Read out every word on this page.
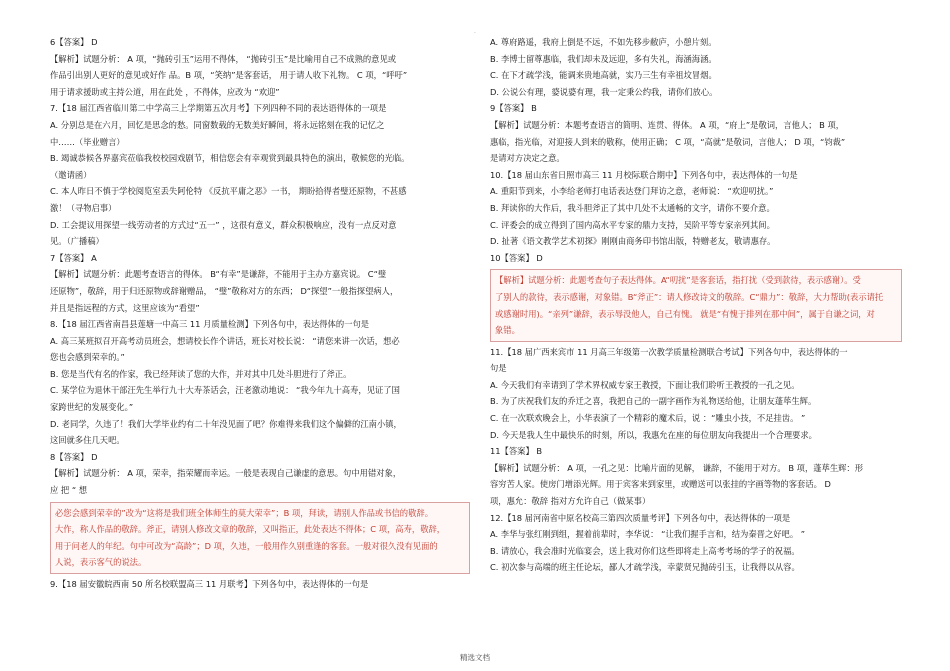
·
6【答案】 D
【解析】试题分析： A 项，“抛砖引玉”运用不得体， “抛砖引玉”是比喻用自己不成熟的意见或
作品引出别人更好的意见或好作 品。B 项，“笑纳”是客套话， 用于请人收下礼物。 C 项，“呼吁”
用于请求援助或主持公道，用在此处 ，不得体，应改为 “欢迎”
7.【18 届江西省临川第二中学高三上学期第五次月考】下列四种不同的表达语得体的一项是
A. 分别总是在六月，回忆是思念的愁。同窗数载的无数美好瞬间，将永远铭刻在我的记忆之
中……（毕业赠言）
B. 竭诚恭候各界嘉宾莅临我校校园戏剧节，相信您会有幸观赏到最具特色的演出，敬候您的光临。
（邀请函）
C. 本人昨日不慎于学校阅览室丢失阿伦特 《反抗平庸之恶》一书， 期盼拾得者璧还原物，不甚感
激！（寻物启事）
D. 工会提议用探望一线劳动者的方式过“五一” ，这很有意义，群众积极响应，没有一点反对意
见。（广播稿）
7【答案】 A
【解析】试题分析：此题考查语言的得体。 B“有幸”是谦辞，不能用于主办方嘉宾说。 C“璧
还原物”，敬辞，用于归还原物或辞谢赠品， “璧”敬称对方的东西； D“探望”一般指探望病人，
并且是指远程的方式，这里应该为“看望”
8.【18 届江西省南昌县莲塘一中高三 11 月质量检测】下列各句中，表达得体的一句是
A. 高三某班拟召开高考动员班会，想请校长作个讲话，班长对校长说： “请您来讲一次话，想必
您也会感到荣幸的。”
B. 您是当代有名的作家，我已经拜读了您的大作，并对其中几处斗胆进行了斧正。
C. 某学位为退休干部汪先生举行九十大寿茶话会，汪老激动地说： “我今年九十高寿，见证了国
家跨世纪的发展变化。”
D. 老同学，久违了！我们大学毕业约有二十年没见面了吧？你难得来我们这个偏僻的江南小镇，
这回就多住几天吧。
8【答案】 D
【解析】试题分析： A 项，荣幸，指荣耀而幸运。一般是表现自己谦虚的意思。句中用错对象，
应 把 “ 想
必您会感到荣幸的”改为“这将是我们班全体师生的莫大荣幸”；B 项，拜读，请别人作品或书信的敬辞。
大作，称人作品的敬辞。斧正，请别人修改文章的敬辞，又叫指正，此处表达不得体；C 项，高寿，敬辞，
用于问老人的年纪。句中可改为“高龄”；D 项，久违，一般用作久别重逢的客套。一般对很久没有见面的
人说，表示客气的说法。
9.【18 届安徽皖西南 50 所名校联盟高三 11 月联考】下列各句中，表达得体的一句是
A. 尊府路遥，我府上倒是不远，不如先移步敝庐，小憩片刻。
B. 李博士留尊惠临，我们却未及远迎，多有失礼，海涵海涵。
C. 在下才疏学浅，能调来贵地高就，实乃三生有幸祖坟冒烟。
D. 公说公有理，婆说婆有理，我一定秉公约我，请你们放心。
9【答案】 B
【解析】试题分析：本题考查语言的简明、连贯、得体。 A 项，“府上”是敬词，言他人； B 项，
惠临，指光临，对迎接人到来的敬称，使用正确； C 项，“高就”是敬词，言他人； D 项，“钧裁”
是请对方决定之意。
10.【18 届山东省日照市高三 11 月校际联合期中】下列各句中，表达得体的一句是
A. 重阳节到来，小李给老师打电话表达登门拜访之意，老师说： “欢迎叨扰。”
B. 拜读你的大作后，我斗胆斧正了其中几处不太通畅的文字，请你不要介意。
C. 评委会的成立得到了国内高水平专家的鼎力支持，吴阶平等专家亲列其间。
D. 扯著《语文教学艺术初探》刚刚由商务印书馆出版，特赠老友，敬请惠存。
10【答案】 D
【解析】试题分析：此题考查句子表达得体。A“叨扰”是客套话，指打扰（受到款待，表示感谢）。受
了别人的款待，表示感谢，对象错。B“斧正”：请人修改诗文的敬辞。C“鼎力”：敬辞，大力帮助(表示请托
或感谢时用)。“亲列”谦辞，表示辱没他人，自己有愧。 就是“有愧于排列在那中间”，属于自谦之词，对
象错。
11.【18 届广西来宾市 11 月高三年级第一次教学质量检测联合考试】下列各句中，表达得体的一
句是
A. 今天我们有幸请到了学术界权威专家王教授，下面让我们聆听王教授的一孔之见。
B. 为了庆祝我们友的乔迁之喜，我把自己的一副字画作为礼物送给他，让朋友蓬荜生辉。
C. 在一次联欢晚会上，小华表演了一个精彩的魔术后，说 ：“雕虫小技，不足挂齿。 ”
D. 今天是我人生中最快乐的时刻，所以，我惠允在座的每位朋友向我提出一个合理要求。
11【答案】 B
【解析】试题分析： A 项，一孔之见：比喻片面的见解， 谦辞，不能用于对方。 B 项，蓬荜生辉：形
容穷苦人家。使房门增添光辉。用于宾客来到家里，或赠送可以张挂的字画等物的客套话。 D
项，惠允：敬辞 指对方允许自己（做某事）
12.【18 届河南省中原名校高三第四次质量考评】下列各句中，表达得体的一项是
A. 李华与张红刚到组，握着前辈时，李华说： “让我们握手言和，结为秦晋之好吧。 ”
B. 请放心，我会准时光临宴会，送上我对你们这些即将走上高考考场的学子的祝福。
C. 初次参与高端的班主任论坛，鄙人才疏学浅，幸蒙贤兄抛砖引玉，让我得以从容。
精选文档
